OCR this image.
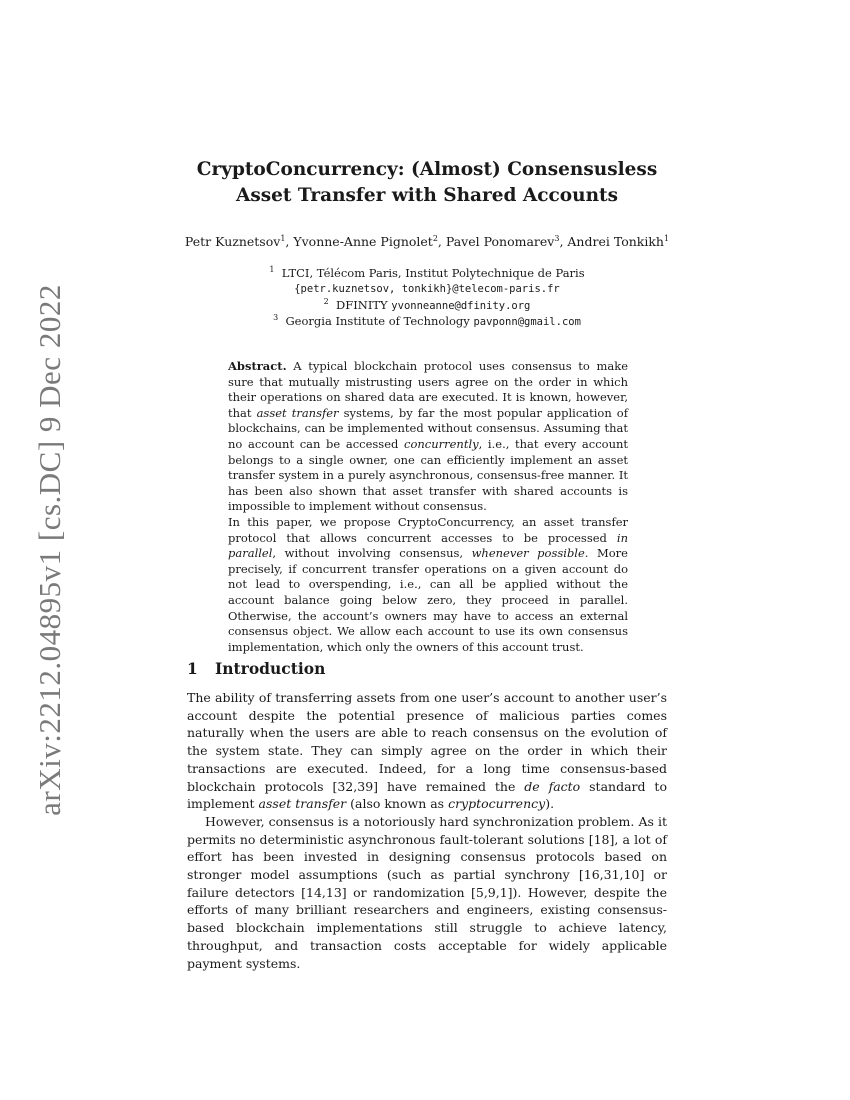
arXiv:2212.04895v1 [cs.DC] 9 Dec 2022
CryptoConcurrency: (Almost) Consensusless
Asset Transfer with Shared Accounts
Petr Kuznetsov$^1$, Yvonne-Anne Pignolet$^2$, Pavel Ponomarev$^3$, Andrei Tonkikh$^1$
$^1$ LTCI, Télécom Paris, Institut Polytechnique de Paris
{petr.kuznetsov, tonkikh}@telecom-paris.fr
$^2$ DFINITY yvonneanne@dfinity.org
$^3$ Georgia Institute of Technology pavponn@gmail.com

Abstract. A typical blockchain protocol uses consensus to make sure that mutually mistrusting users agree on the order in which their operations on shared data are executed. It is known, however, that asset transfer systems, by far the most popular application of blockchains, can be implemented without consensus. Assuming that no account can be accessed concurrently, i.e., that every account belongs to a single owner, one can efficiently implement an asset transfer system in a purely asynchronous, consensus-free manner. It has been also shown that asset transfer with shared accounts is impossible to implement without consensus.

In this paper, we propose CryptoConcurrency, an asset transfer protocol that allows concurrent accesses to be processed in parallel, without involving consensus, whenever possible. More precisely, if concurrent transfer operations on a given account do not lead to overspending, i.e., can all be applied without the account balance going below zero, they proceed in parallel. Otherwise, the account’s owners may have to access an external consensus object. We allow each account to use its own consensus implementation, which only the owners of this account trust.

1 Introduction

The ability of transferring assets from one user’s account to another user’s account despite the potential presence of malicious parties comes naturally when the users are able to reach consensus on the evolution of the system state. They can simply agree on the order in which their transactions are executed. Indeed, for a long time consensus-based blockchain protocols [32,39] have remained the de facto standard to implement asset transfer (also known as cryptocurrency).

However, consensus is a notoriously hard synchronization problem. As it permits no deterministic asynchronous fault-tolerant solutions [18], a lot of effort has been invested in designing consensus protocols based on stronger model assumptions (such as partial synchrony [16,31,10] or failure detectors [14,13] or randomization [5,9,1]). However, despite the efforts of many brilliant researchers and engineers, existing consensus-based blockchain implementations still struggle to achieve latency, throughput, and transaction costs acceptable for widely applicable payment systems.
